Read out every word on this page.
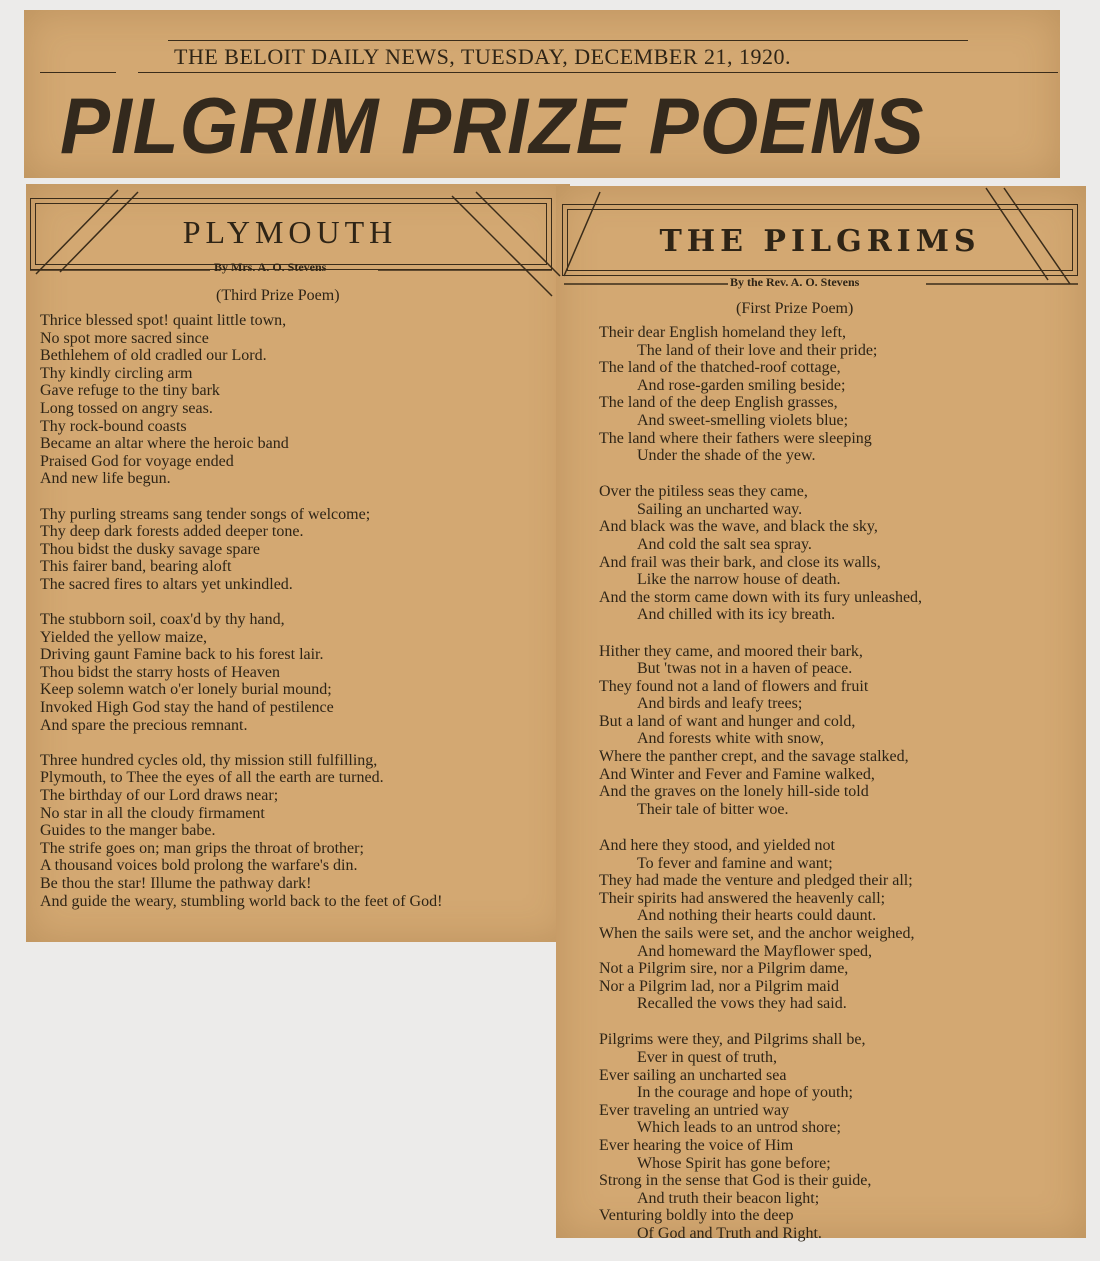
THE BELOIT DAILY NEWS, TUESDAY, DECEMBER 21, 1920.
PILGRIM PRIZE POEMS
PLYMOUTH
By Mrs. A. O. Stevens
(Third Prize Poem)
THE PILGRIMS
By the Rev. A. O. Stevens
(First Prize Poem)
Thrice blessed spot! quaint little town,
No spot more sacred since
Bethlehem of old cradled our Lord.
Thy kindly circling arm
Gave refuge to the tiny bark
Long tossed on angry seas.
Thy rock-bound coasts
Became an altar where the heroic band
Praised God for voyage ended
And new life begun.
Thy purling streams sang tender songs of welcome;
Thy deep dark forests added deeper tone.
Thou bidst the dusky savage spare
This fairer band, bearing aloft
The sacred fires to altars yet unkindled.
The stubborn soil, coax'd by thy hand,
Yielded the yellow maize,
Driving gaunt Famine back to his forest lair.
Thou bidst the starry hosts of Heaven
Keep solemn watch o'er lonely burial mound;
Invoked High God stay the hand of pestilence
And spare the precious remnant.
Three hundred cycles old, thy mission still fulfilling,
Plymouth, to Thee the eyes of all the earth are turned.
The birthday of our Lord draws near;
No star in all the cloudy firmament
Guides to the manger babe.
The strife goes on; man grips the throat of brother;
A thousand voices bold prolong the warfare's din.
Be thou the star! Illume the pathway dark!
And guide the weary, stumbling world back to the feet of God!
Their dear English homeland they left,
The land of their love and their pride;
The land of the thatched-roof cottage,
And rose-garden smiling beside;
The land of the deep English grasses,
And sweet-smelling violets blue;
The land where their fathers were sleeping
Under the shade of the yew.
Over the pitiless seas they came,
Sailing an uncharted way.
And black was the wave, and black the sky,
And cold the salt sea spray.
And frail was their bark, and close its walls,
Like the narrow house of death.
And the storm came down with its fury unleashed,
And chilled with its icy breath.
Hither they came, and moored their bark,
But 'twas not in a haven of peace.
They found not a land of flowers and fruit
And birds and leafy trees;
But a land of want and hunger and cold,
And forests white with snow,
Where the panther crept, and the savage stalked,
And Winter and Fever and Famine walked,
And the graves on the lonely hill-side told
Their tale of bitter woe.
And here they stood, and yielded not
To fever and famine and want;
They had made the venture and pledged their all;
Their spirits had answered the heavenly call;
And nothing their hearts could daunt.
When the sails were set, and the anchor weighed,
And homeward the Mayflower sped,
Not a Pilgrim sire, nor a Pilgrim dame,
Nor a Pilgrim lad, nor a Pilgrim maid
Recalled the vows they had said.
Pilgrims were they, and Pilgrims shall be,
Ever in quest of truth,
Ever sailing an uncharted sea
In the courage and hope of youth;
Ever traveling an untried way
Which leads to an untrod shore;
Ever hearing the voice of Him
Whose Spirit has gone before;
Strong in the sense that God is their guide,
And truth their beacon light;
Venturing boldly into the deep
Of God and Truth and Right.
